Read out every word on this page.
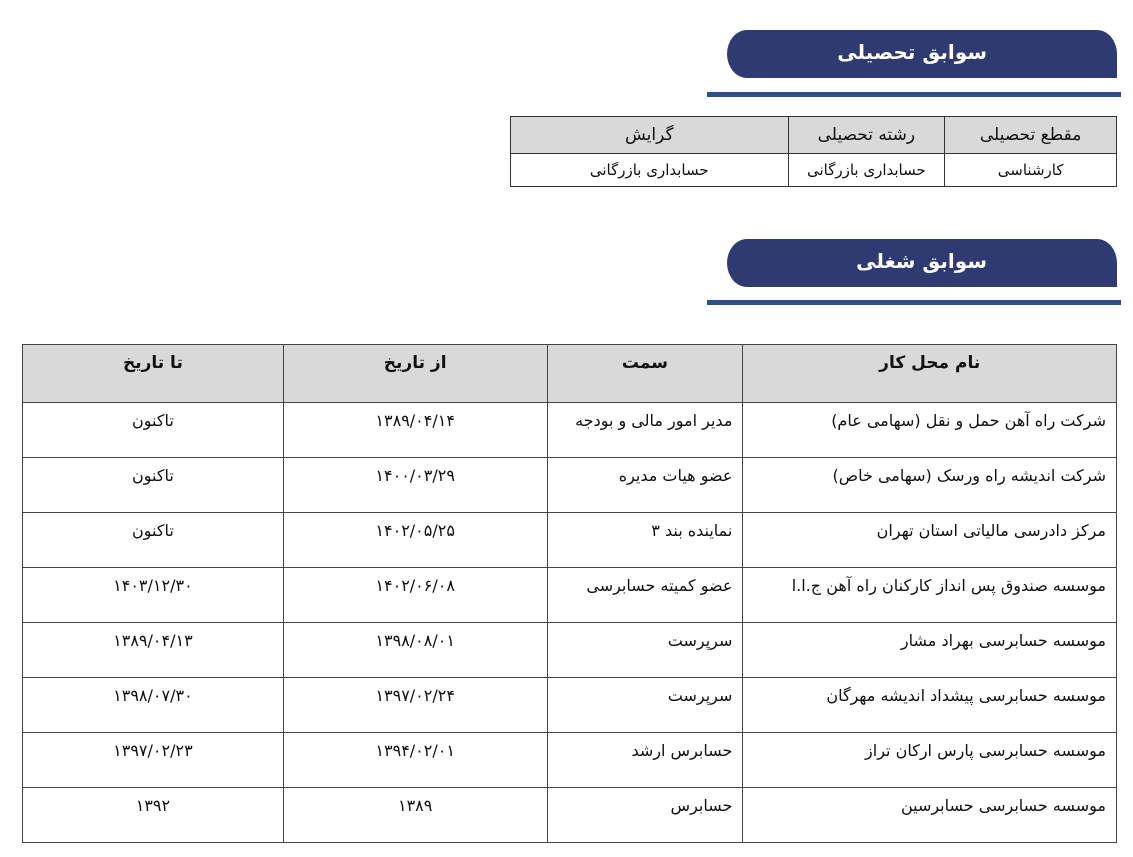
سوابق تحصیلی
مقطع تحصیلی	رشته تحصیلی	گرایش
کارشناسی	حسابداری بازرگانی	حسابداری بازرگانی
سوابق شغلی
نام محل کار	سمت	از تاریخ	تا تاریخ
شرکت راه آهن حمل و نقل (سهامی عام)	مدیر امور مالی و بودجه	۱۳۸۹/۰۴/۱۴	تاکنون
شرکت اندیشه راه ورسک (سهامی خاص)	عضو هیات مدیره	۱۴۰۰/۰۳/۲۹	تاکنون
مرکز دادرسی مالیاتی استان تهران	نماینده بند ۳	۱۴۰۲/۰۵/۲۵	تاکنون
موسسه صندوق پس انداز کارکنان راه آهن ج.ا.ا	عضو کمیته حسابرسی	۱۴۰۲/۰۶/۰۸	۱۴۰۳/۱۲/۳۰
موسسه حسابرسی بهراد مشار	سرپرست	۱۳۹۸/۰۸/۰۱	۱۳۸۹/۰۴/۱۳
موسسه حسابرسی پیشداد اندیشه مهرگان	سرپرست	۱۳۹۷/۰۲/۲۴	۱۳۹۸/۰۷/۳۰
موسسه حسابرسی پارس ارکان تراز	حسابرس ارشد	۱۳۹۴/۰۲/۰۱	۱۳۹۷/۰۲/۲۳
موسسه حسابرسی حسابرسین	حسابرس	۱۳۸۹	۱۳۹۲
